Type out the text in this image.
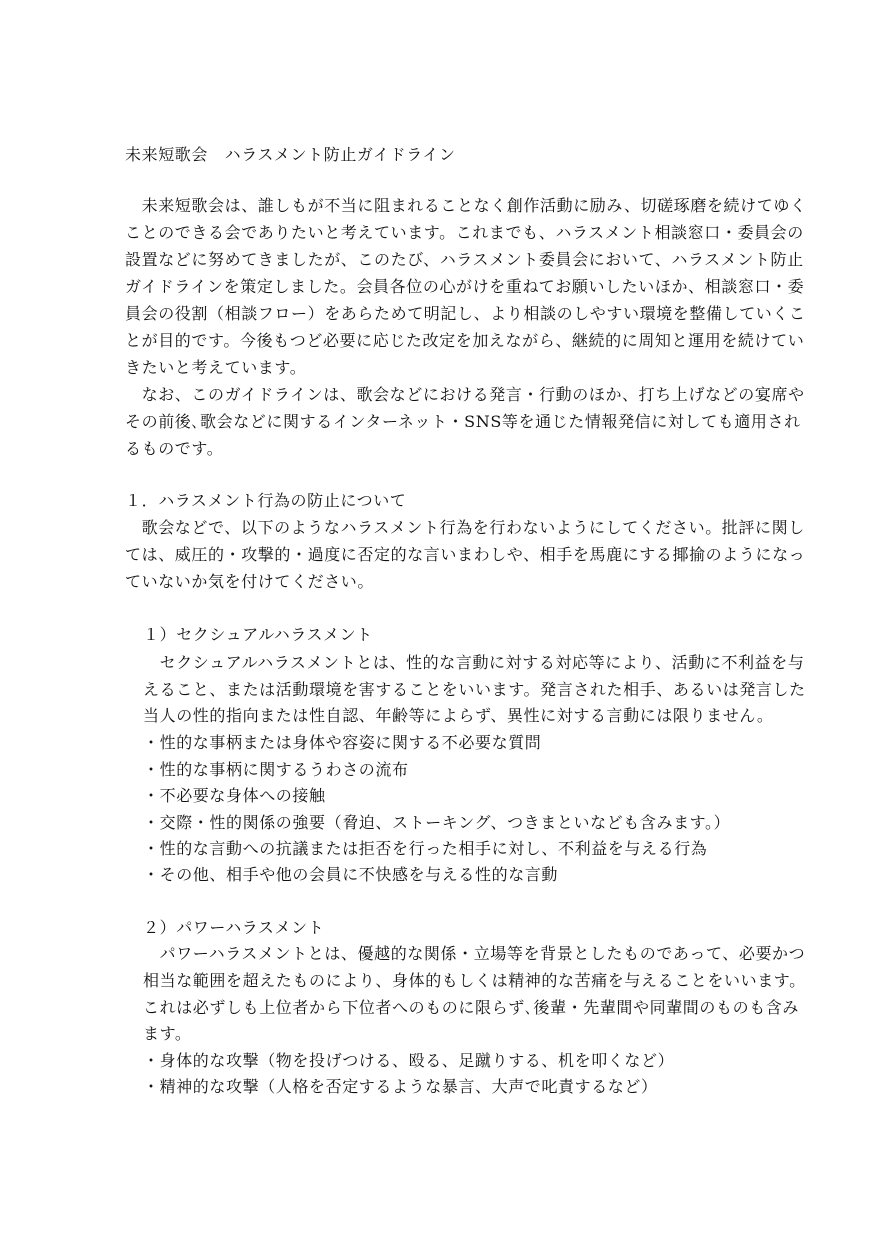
未来短歌会　ハラスメント防止ガイドライン
　未来短歌会は、誰しもが不当に阻まれることなく創作活動に励み、切磋琢磨を続けてゆく
ことのできる会でありたいと考えています。これまでも、ハラスメント相談窓口・委員会の
設置などに努めてきましたが、このたび、ハラスメント委員会において、ハラスメント防止
ガイドラインを策定しました。会員各位の心がけを重ねてお願いしたいほか、相談窓口・委
員会の役割（相談フロー）をあらためて明記し、より相談のしやすい環境を整備していくこ
とが目的です。今後もつど必要に応じた改定を加えながら、継続的に周知と運用を続けてい
きたいと考えています。
　なお、このガイドラインは、歌会などにおける発言・行動のほか、打ち上げなどの宴席や
その前後､歌会などに関するインターネット・SNS等を通じた情報発信に対しても適用され
るものです。
１．ハラスメント行為の防止について
　歌会などで、以下のようなハラスメント行為を行わないようにしてください。批評に関し
ては、威圧的・攻撃的・過度に否定的な言いまわしや、相手を馬鹿にする揶揄のようになっ
ていないか気を付けてください。
１）セクシュアルハラスメント
　セクシュアルハラスメントとは、性的な言動に対する対応等により、活動に不利益を与
えること、または活動環境を害することをいいます。発言された相手、あるいは発言した
当人の性的指向または性自認、年齢等によらず、異性に対する言動には限りません。
・性的な事柄または身体や容姿に関する不必要な質問
・性的な事柄に関するうわさの流布
・不必要な身体への接触
・交際・性的関係の強要（脅迫、ストーキング、つきまといなども含みます。）
・性的な言動への抗議または拒否を行った相手に対し、不利益を与える行為
・その他、相手や他の会員に不快感を与える性的な言動
２）パワーハラスメント
　パワーハラスメントとは、優越的な関係・立場等を背景としたものであって、必要かつ
相当な範囲を超えたものにより、身体的もしくは精神的な苦痛を与えることをいいます。
これは必ずしも上位者から下位者へのものに限らず､後輩・先輩間や同輩間のものも含み
ます。
・身体的な攻撃（物を投げつける、殴る、足蹴りする、机を叩くなど）
・精神的な攻撃（人格を否定するような暴言、大声で叱責するなど）
